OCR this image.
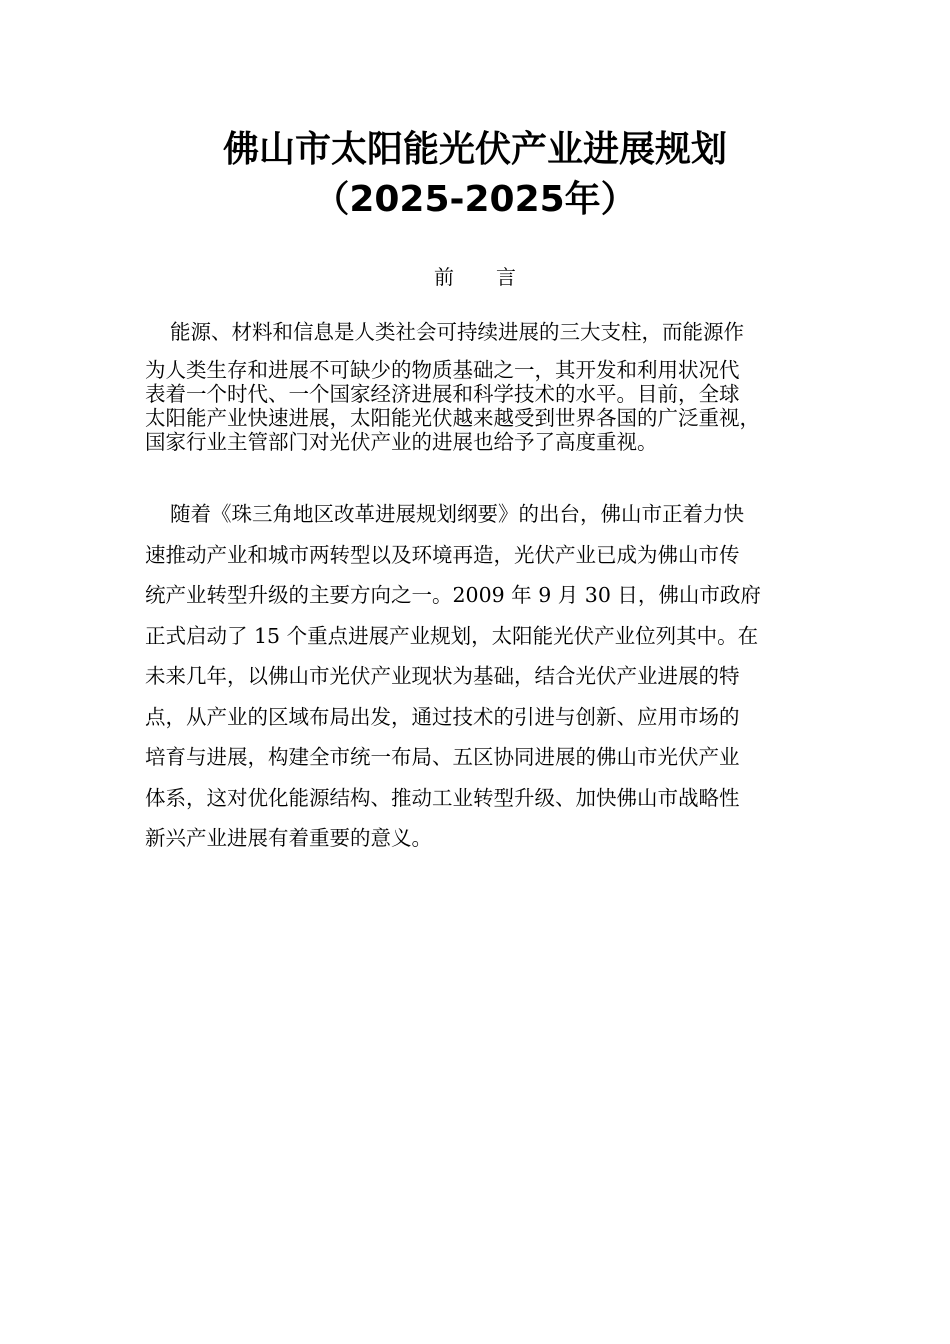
佛山市太阳能光伏产业进展规划
（2025-2025年）
前言

能源、材料和信息是人类社会可持续进展的三大支柱，而能源作
为人类生存和进展不可缺少的物质基础之一，其开发和利用状况代
表着一个时代、一个国家经济进展和科学技术的水平。目前，全球
太阳能产业快速进展，太阳能光伏越来越受到世界各国的广泛重视，
国家行业主管部门对光伏产业的进展也给予了高度重视。

随着《珠三角地区改革进展规划纲要》的出台，佛山市正着力快
速推动产业和城市两转型以及环境再造，光伏产业已成为佛山市传
统产业转型升级的主要方向之一。2009 年 9 月 30 日，佛山市政府
正式启动了 15 个重点进展产业规划，太阳能光伏产业位列其中。在
未来几年，以佛山市光伏产业现状为基础，结合光伏产业进展的特
点，从产业的区域布局出发，通过技术的引进与创新、应用市场的
培育与进展，构建全市统一布局、五区协同进展的佛山市光伏产业
体系，这对优化能源结构、推动工业转型升级、加快佛山市战略性
新兴产业进展有着重要的意义。
